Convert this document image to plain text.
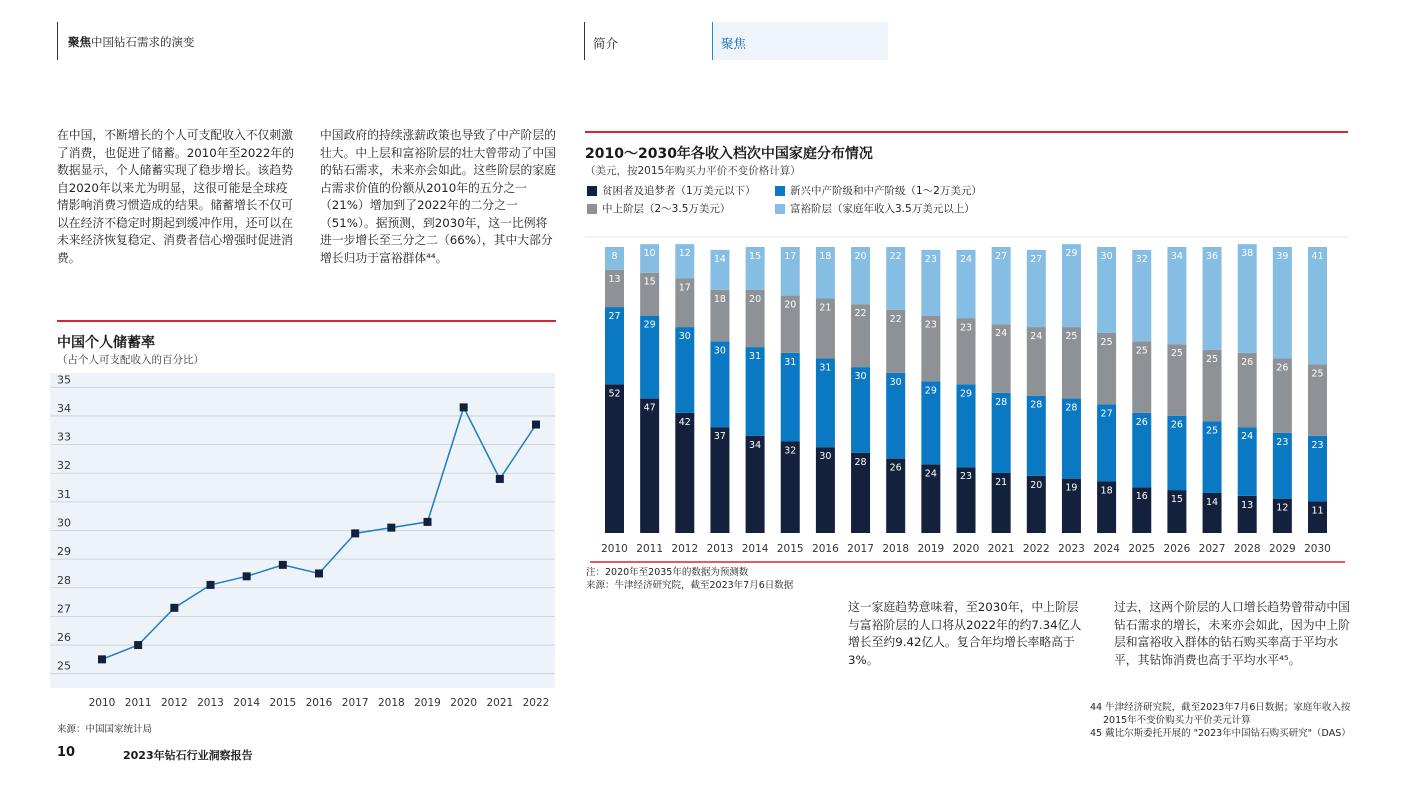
聚焦中国钻石需求的演变	简介	聚焦
在中国，不断增长的个人可支配收入不仅刺激了消费，也促进了储蓄。2010年至2022年的数据显示，个人储蓄实现了稳步增长。该趋势自2020年以来尤为明显，这很可能是全球疫情影响消费习惯造成的结果。储蓄增长不仅可以在经济不稳定时期起到缓冲作用，还可以在未来经济恢复稳定、消费者信心增强时促进消费。
中国政府的持续涨薪政策也导致了中产阶层的壮大。中上层和富裕阶层的壮大曾带动了中国的钻石需求，未来亦会如此。这些阶层的家庭占需求价值的份额从2010年的五分之一（21%）增加到了2022年的二分之一（51%）。据预测，到2030年，这一比例将进一步增长至三分之二（66%），其中大部分增长归功于富裕群体⁴⁴。
中国个人储蓄率
（占个人可支配收入的百分比）
25
26
27
28
29
30
31
32
33
34
35
2010 2011 2012 2013 2014 2015 2016 2017 2018 2019 2020 2021 2022
来源：中国国家统计局
2010～2030年各收入档次中国家庭分布情况
（美元，按2015年购买力平价不变价格计算）
贫困者及追梦者（1万美元以下）	新兴中产阶级和中产阶级（1～2万美元）
中上阶层（2～3.5万美元）	富裕阶层（家庭年收入3.5万美元以上）
52
27
13
8
2010
47
29
15
10
2011
42
30
17
12
2012
37
30
18
14
2013
34
31
20
15
2014
32
31
20
17
2015
30
31
21
18
2016
28
30
22
20
2017
26
30
22
22
2018
24
29
23
23
2019
23
29
23
24
2020
21
28
24
27
2021
20
28
24
27
2022
19
28
25
29
2023
18
27
25
30
2024
16
26
25
32
2025
15
26
25
34
2026
14
25
25
36
2027
13
24
26
38
2028
12
23
26
39
2029
11
23
25
41
2030
注：2020年至2035年的数据为预测数
来源：牛津经济研究院，截至2023年7月6日数据
这一家庭趋势意味着，至2030年，中上阶层与富裕阶层的人口将从2022年的约7.34亿人增长至约9.42亿人。复合年均增长率略高于3%。
过去，这两个阶层的人口增长趋势曾带动中国钻石需求的增长，未来亦会如此，因为中上阶层和富裕收入群体的钻石购买率高于平均水平，其钻饰消费也高于平均水平⁴⁵。
44 牛津经济研究院，截至2023年7月6日数据；家庭年收入按
2015年不变价购买力平价美元计算
45 戴比尔斯委托开展的 "2023年中国钻石购买研究"（DAS）
10	2023年钻石行业洞察报告
